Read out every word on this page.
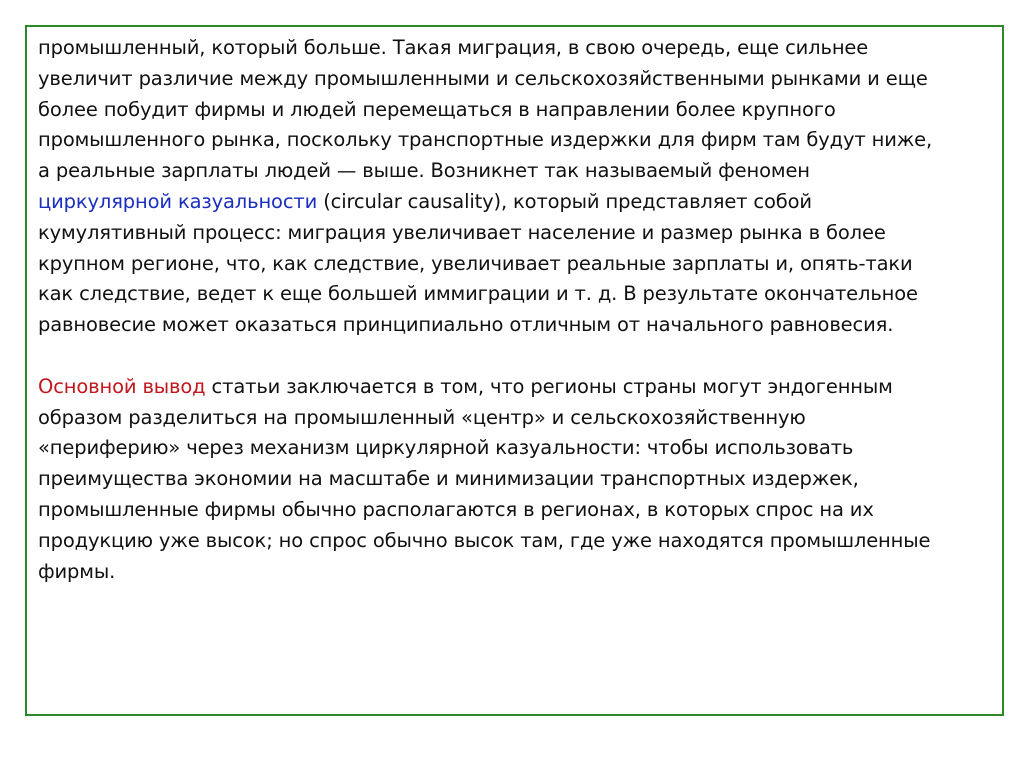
промышленный, который больше. Такая миграция, в свою очередь, еще сильнее
увеличит различие между промышленными и сельскохозяйственными рынками и еще
более побудит фирмы и людей перемещаться в направлении более крупного
промышленного рынка, поскольку транспортные издержки для фирм там будут ниже,
а реальные зарплаты людей — выше. Возникнет так называемый феномен
циркулярной казуальности (circular causality), который представляет собой
кумулятивный процесс: миграция увеличивает население и размер рынка в более
крупном регионе, что, как следствие, увеличивает реальные зарплаты и, опять-таки
как следствие, ведет к еще большей иммиграции и т. д. В результате окончательное
равновесие может оказаться принципиально отличным от начального равновесия.
Основной вывод статьи заключается в том, что регионы страны могут эндогенным
образом разделиться на промышленный «центр» и сельскохозяйственную
«периферию» через механизм циркулярной казуальности: чтобы использовать
преимущества экономии на масштабе и минимизации транспортных издержек,
промышленные фирмы обычно располагаются в регионах, в которых спрос на их
продукцию уже высок; но спрос обычно высок там, где уже находятся промышленные
фирмы.
